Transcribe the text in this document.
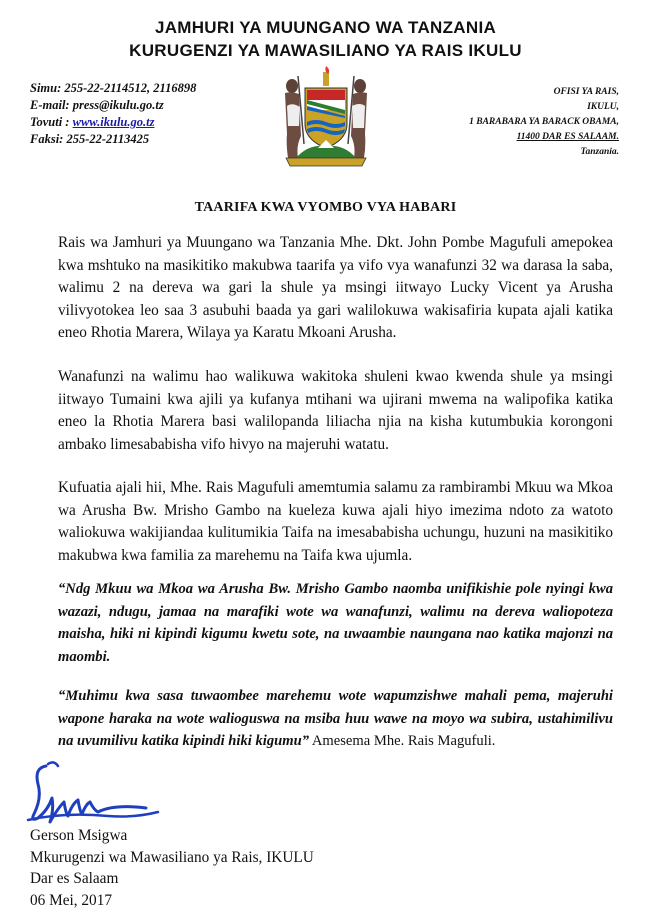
JAMHURI YA MUUNGANO WA TANZANIA
KURUGENZI YA MAWASILIANO YA RAIS IKULU
Simu: 255-22-2114512, 2116898
E-mail: press@ikulu.go.tz
Tovuti : www.ikulu.go.tz
Faksi: 255-22-2113425
OFISI YA RAIS,
IKULU,
1 BARABARA YA BARACK OBAMA,
11400 DAR ES SALAAM.
Tanzania.
TAARIFA KWA VYOMBO VYA HABARI

Rais wa Jamhuri ya Muungano wa Tanzania Mhe. Dkt. John Pombe Magufuli amepokea kwa mshtuko na masikitiko makubwa taarifa ya vifo vya wanafunzi 32 wa darasa la saba, walimu 2 na dereva wa gari la shule ya msingi iitwayo Lucky Vicent ya Arusha vilivyotokea leo saa 3 asubuhi baada ya gari walilokuwa wakisafiria kupata ajali katika eneo Rhotia Marera, Wilaya ya Karatu Mkoani Arusha.

Wanafunzi na walimu hao walikuwa wakitoka shuleni kwao kwenda shule ya msingi iitwayo Tumaini kwa ajili ya kufanya mtihani wa ujirani mwema na walipofika katika eneo la Rhotia Marera basi walilopanda liliacha njia na kisha kutumbukia korongoni ambako limesababisha vifo hivyo na majeruhi watatu.

Kufuatia ajali hii, Mhe. Rais Magufuli amemtumia salamu za rambirambi Mkuu wa Mkoa wa Arusha Bw. Mrisho Gambo na kueleza kuwa ajali hiyo imezima ndoto za watoto waliokuwa wakijiandaa kulitumikia Taifa na imesababisha uchungu, huzuni na masikitiko makubwa kwa familia za marehemu na Taifa kwa ujumla.

“Ndg Mkuu wa Mkoa wa Arusha Bw. Mrisho Gambo naomba unifikishie pole nyingi kwa wazazi, ndugu, jamaa na marafiki wote wa wanafunzi, walimu na dereva waliopoteza maisha, hiki ni kipindi kigumu kwetu sote, na uwaambie naungana nao katika majonzi na maombi.

“Muhimu kwa sasa tuwaombee marehemu wote wapumzishwe mahali pema, majeruhi wapone haraka na wote walioguswa na msiba huu wawe na moyo wa subira, ustahimilivu na uvumilivu katika kipindi hiki kigumu” Amesema Mhe. Rais Magufuli.

Gerson Msigwa
Mkurugenzi wa Mawasiliano ya Rais, IKULU
Dar es Salaam
06 Mei, 2017
